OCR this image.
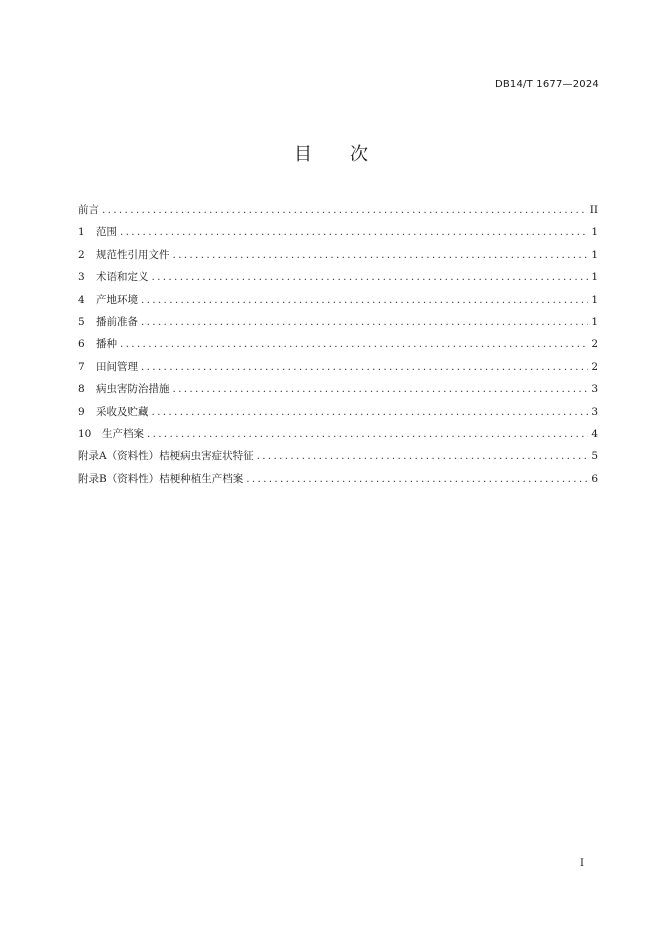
DB14/T 1677—2024
目次
前言 .....	II
1 范围 .....	1
2 规范性引用文件 .....	1
3 术语和定义 .....	1
4 产地环境 .....	1
5 播前准备 .....	1
6 播种 .....	2
7 田间管理 .....	2
8 病虫害防治措施 .....	3
9 采收及贮藏 .....	3
10 生产档案 .....	4
附录A（资料性）桔梗病虫害症状特征 .....	5
附录B（资料性）桔梗种植生产档案 .....	6
I
